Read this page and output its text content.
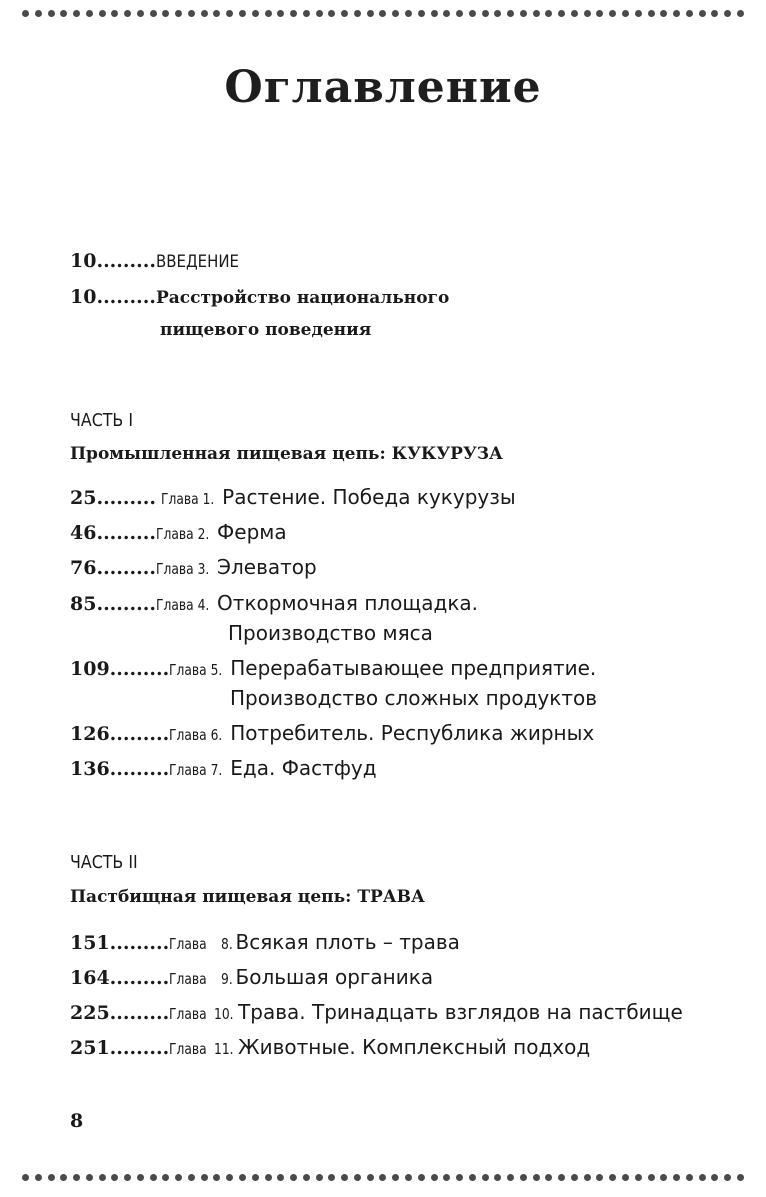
Оглавление
10.........ВВЕДЕНИЕ
10.........Расстройство национального
пищевого поведения
ЧАСТЬ I
Промышленная пищевая цепь: КУКУРУЗА
25......... Глава 1. Растение. Победа кукурузы
46.........Глава 2. Ферма
76.........Глава 3. Элеватор
85.........Глава 4. Откормочная площадка.
Производство мяса
109.........Глава 5. Перерабатывающее предприятие.
Производство сложных продуктов
126.........Глава 6. Потребитель. Республика жирных
136.........Глава 7. Еда. Фастфуд
ЧАСТЬ II
Пастбищная пищевая цепь: ТРАВА
151.........Глава 8. Всякая плоть – трава
164.........Глава 9. Большая органика
225.........Глава 10. Трава. Тринадцать взглядов на пастбище
251.........Глава 11. Животные. Комплексный подход
8
